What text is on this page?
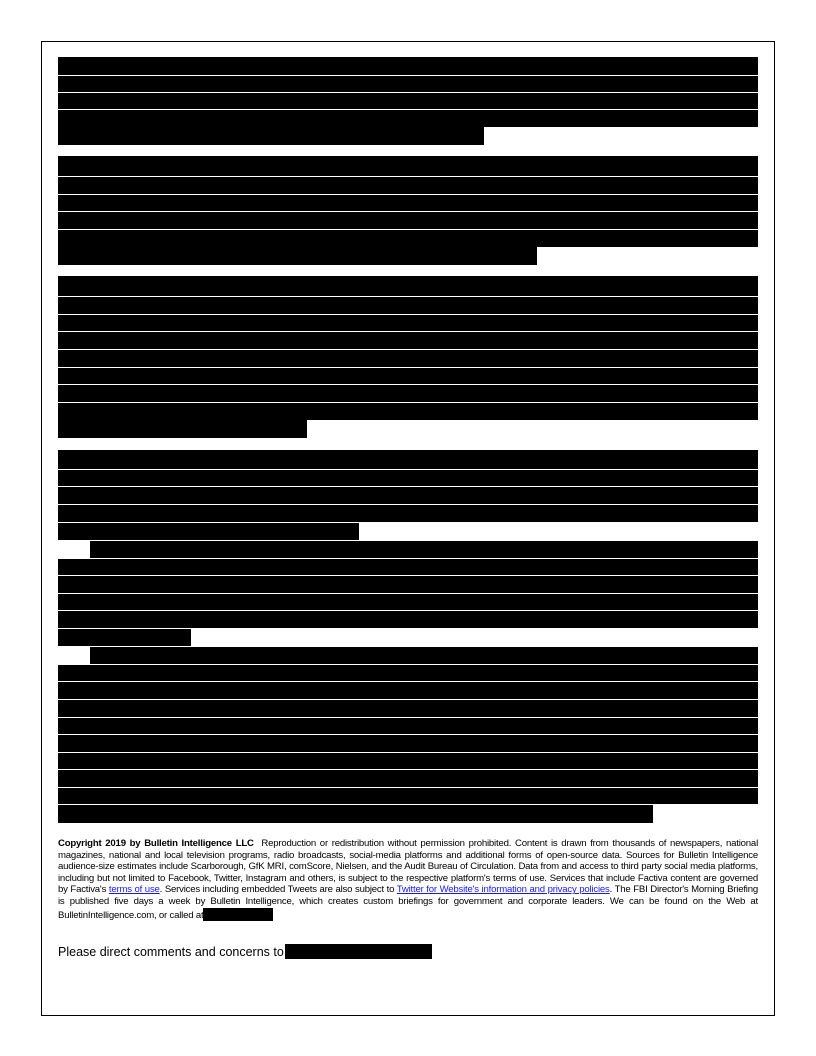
Copyright 2019 by Bulletin Intelligence LLC Reproduction or redistribution without permission prohibited. Content is drawn from thousands of newspapers, national magazines, national and local television programs, radio broadcasts, social-media platforms and additional forms of open-source data. Sources for Bulletin Intelligence audience-size estimates include Scarborough, GfK MRI, comScore, Nielsen, and the Audit Bureau of Circulation. Data from and access to third party social media platforms, including but not limited to Facebook, Twitter, Instagram and others, is subject to the respective platform's terms of use. Services that include Factiva content are governed by Factiva's terms of use. Services including embedded Tweets are also subject to Twitter for Website's information and privacy policies. The FBI Director's Morning Briefing is published five days a week by Bulletin Intelligence, which creates custom briefings for government and corporate leaders. We can be found on the Web at BulletinIntelligence.com, or called at
Please direct comments and concerns to
